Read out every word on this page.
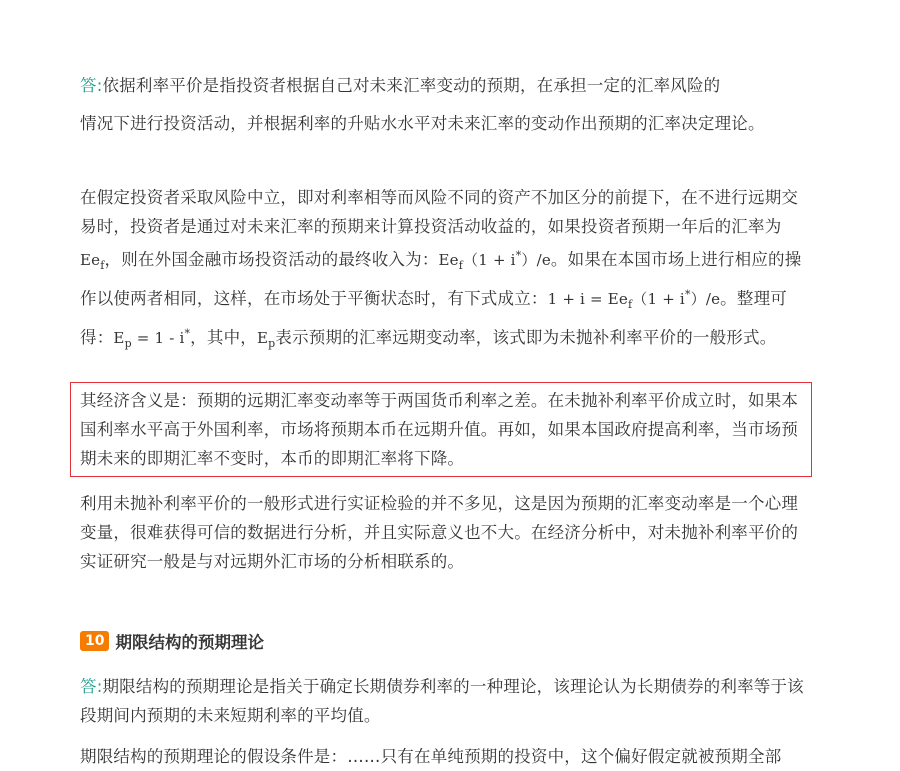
答:依据利率平价是指投资者根据自己对未来汇率变动的预期，在承担一定的汇率风险的

情况下进行投资活动，并根据利率的升贴水水平对未来汇率的变动作出预期的汇率决定理论。

在假定投资者采取风险中立，即对利率相等而风险不同的资产不加区分的前提下，在不进行远期交易时，投资者是通过对未来汇率的预期来计算投资活动收益的，如果投资者预期一年后的汇率为$Ee_f$，则在外国金融市场投资活动的最终收入为：$Ee_f(1 + i^*)/e$。如果在本国市场上进行相应的操作以使两者相同，这样，在市场处于平衡状态时，有下式成立：$1 + i = Ee_f(1 + i^*)/e$。整理可得：$E_p = 1 - i^*$，其中，$E_p$表示预期的汇率远期变动率，该式即为未抛补利率平价的一般形式。

其经济含义是：预期的远期汇率变动率等于两国货币利率之差。在未抛补利率平价成立时，如果本国利率水平高于外国利率，市场将预期本币在远期升值。再如，如果本国政府提高利率，当市场预期未来的即期汇率不变时，本币的即期汇率将下降。

利用未抛补利率平价的一般形式进行实证检验的并不多见，这是因为预期的汇率变动率是一个心理变量，很难获得可信的数据进行分析，并且实际意义也不大。在经济分析中，对未抛补利率平价的实证研究一般是与对远期外汇市场的分析相联系的。

10 期限结构的预期理论

答:期限结构的预期理论是指关于确定长期债券利率的一种理论，该理论认为长期债券的利率等于该段期间内预期的未来短期利率的平均值。

期限结构的预期理论的假设条件是：……只有在单纯预期的投资中，这个偏好假定就被预期全部
